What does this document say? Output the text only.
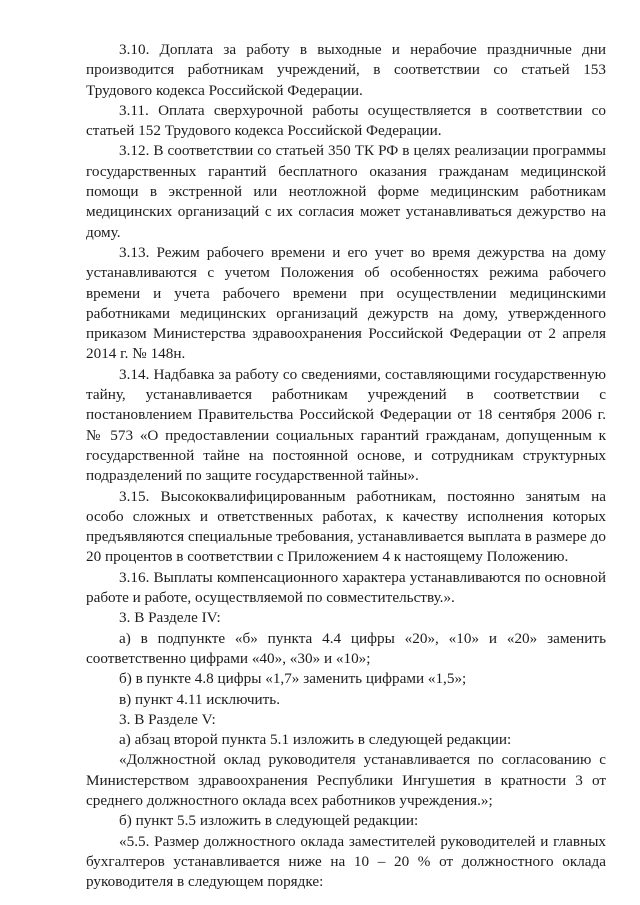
3.10. Доплата за работу в выходные и нерабочие праздничные дни производится работникам учреждений, в соответствии со статьей 153 Трудового кодекса Российской Федерации.

3.11. Оплата сверхурочной работы осуществляется в соответствии со статьей 152 Трудового кодекса Российской Федерации.

3.12. В соответствии со статьей 350 ТК РФ в целях реализации программы государственных гарантий бесплатного оказания гражданам медицинской помощи в экстренной или неотложной форме медицинским работникам медицинских организаций с их согласия может устанавливаться дежурство на дому.

3.13. Режим рабочего времени и его учет во время дежурства на дому устанавливаются с учетом Положения об особенностях режима рабочего времени и учета рабочего времени при осуществлении медицинскими работниками медицинских организаций дежурств на дому, утвержденного приказом Министерства здравоохранения Российской Федерации от 2 апреля 2014 г. № 148н.

3.14. Надбавка за работу со сведениями, составляющими государственную тайну, устанавливается работникам учреждений в соответствии с постановлением Правительства Российской Федерации от 18 сентября 2006 г. № 573 «О предоставлении социальных гарантий гражданам, допущенным к государственной тайне на постоянной основе, и сотрудникам структурных подразделений по защите государственной тайны».

3.15. Высококвалифицированным работникам, постоянно занятым на особо сложных и ответственных работах, к качеству исполнения которых предъявляются специальные требования, устанавливается выплата в размере до 20 процентов в соответствии с Приложением 4 к настоящему Положению.

3.16. Выплаты компенсационного характера устанавливаются по основной работе и работе, осуществляемой по совместительству.».

3. В Разделе IV:

а) в подпункте «б» пункта 4.4 цифры «20», «10» и «20» заменить соответственно цифрами «40», «30» и «10»;

б) в пункте 4.8 цифры «1,7» заменить цифрами «1,5»;

в) пункт 4.11 исключить.

3. В Разделе V:

а) абзац второй пункта 5.1 изложить в следующей редакции:

«Должностной оклад руководителя устанавливается по согласованию с Министерством здравоохранения Республики Ингушетия в кратности 3 от среднего должностного оклада всех работников учреждения.»;

б) пункт 5.5 изложить в следующей редакции:

«5.5. Размер должностного оклада заместителей руководителей и главных бухгалтеров устанавливается ниже на 10 – 20 % от должностного оклада руководителя в следующем порядке:
